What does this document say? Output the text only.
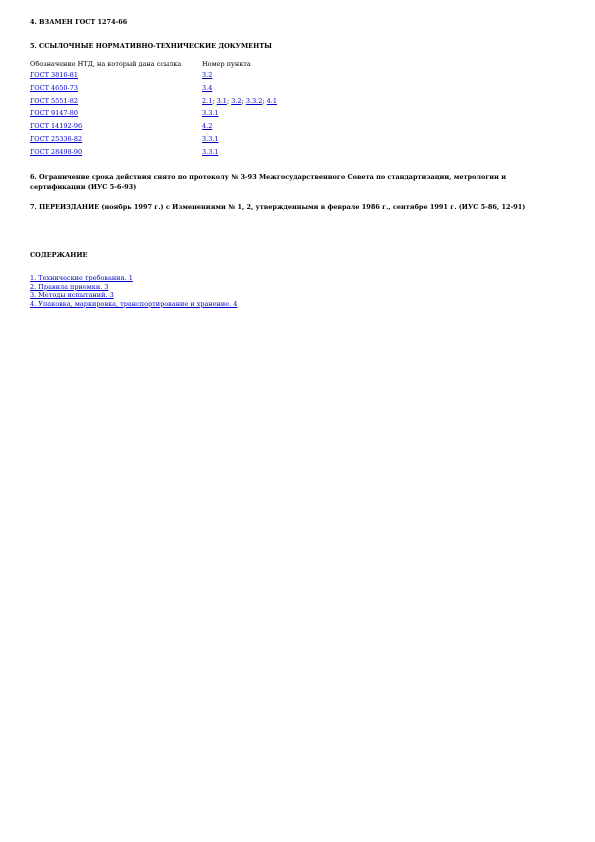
4. ВЗАМЕН ГОСТ 1274-66

5. ССЫЛОЧНЫЕ НОРМАТИВНО-ТЕХНИЧЕСКИЕ ДОКУМЕНТЫ

Обозначение НТД, на который дана ссылка	Номер пункта
ГОСТ 3816-81	3.2
ГОСТ 4650-73	3.4
ГОСТ 5551-82	2.1; 3.1; 3.2; 3.3.2; 4.1
ГОСТ 9147-80	3.3.1
ГОСТ 14192-96	4.2
ГОСТ 25336-82	3.3.1
ГОСТ 28498-90	3.3.1

6. Ограничение срока действия снято по протоколу № 3-93 Межгосударственного Совета по стандартизации, метрологии и сертификации (ИУС 5-6-93)

7. ПЕРЕИЗДАНИЕ (ноябрь 1997 г.) с Изменениями № 1, 2, утвержденными в феврале 1986 г., сентябре 1991 г. (ИУС 5-86, 12-91)

СОДЕРЖАНИЕ

1. Технические требования. 1
2. Правила приемки. 3
3. Методы испытаний. 3
4. Упаковка, маркировка, транспортирование и хранение. 4
